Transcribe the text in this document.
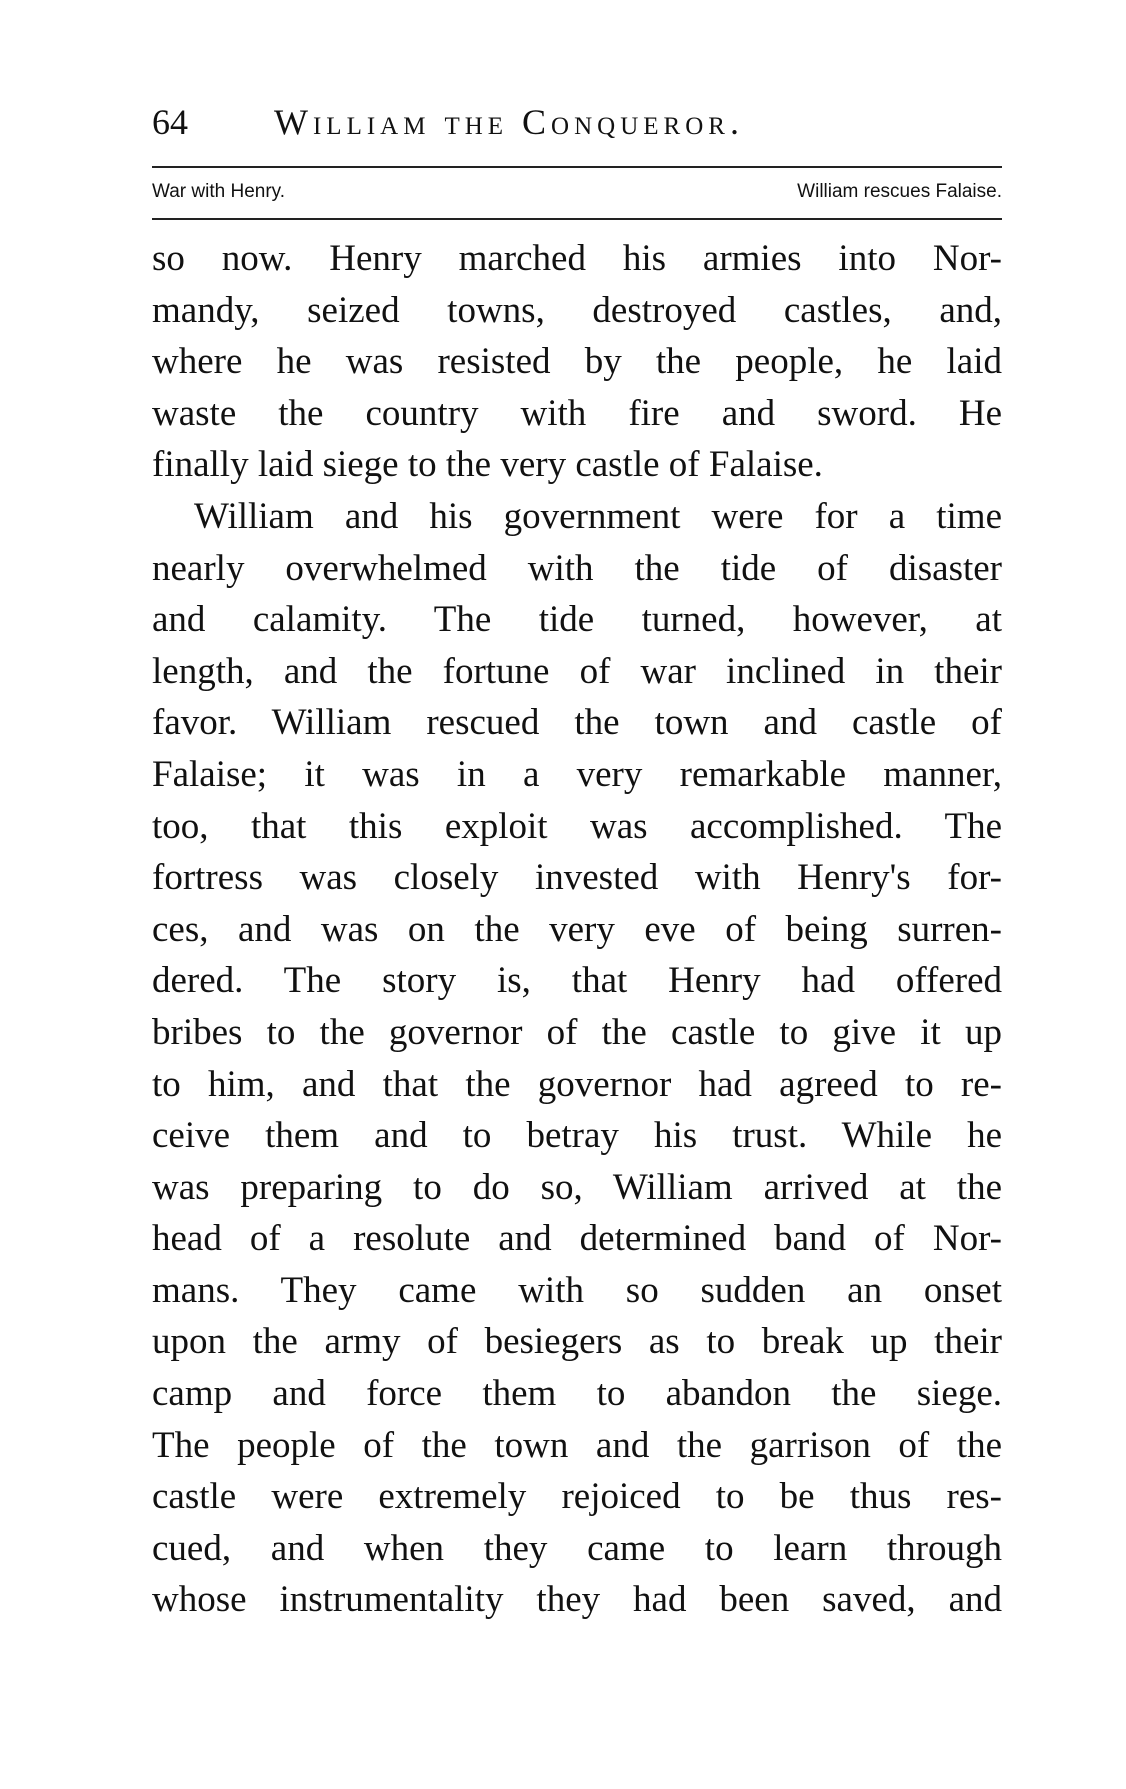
64 William the Conqueror.
War with Henry.	William rescues Falaise.
so now. Henry marched his armies into Nor-
mandy, seized towns, destroyed castles, and,
where he was resisted by the people, he laid
waste the country with fire and sword. He
finally laid siege to the very castle of Falaise.
William and his government were for a time
nearly overwhelmed with the tide of disaster
and calamity. The tide turned, however, at
length, and the fortune of war inclined in their
favor. William rescued the town and castle of
Falaise; it was in a very remarkable manner,
too, that this exploit was accomplished. The
fortress was closely invested with Henry's for-
ces, and was on the very eve of being surren-
dered. The story is, that Henry had offered
bribes to the governor of the castle to give it up
to him, and that the governor had agreed to re-
ceive them and to betray his trust. While he
was preparing to do so, William arrived at the
head of a resolute and determined band of Nor-
mans. They came with so sudden an onset
upon the army of besiegers as to break up their
camp and force them to abandon the siege.
The people of the town and the garrison of the
castle were extremely rejoiced to be thus res-
cued, and when they came to learn through
whose instrumentality they had been saved, and
